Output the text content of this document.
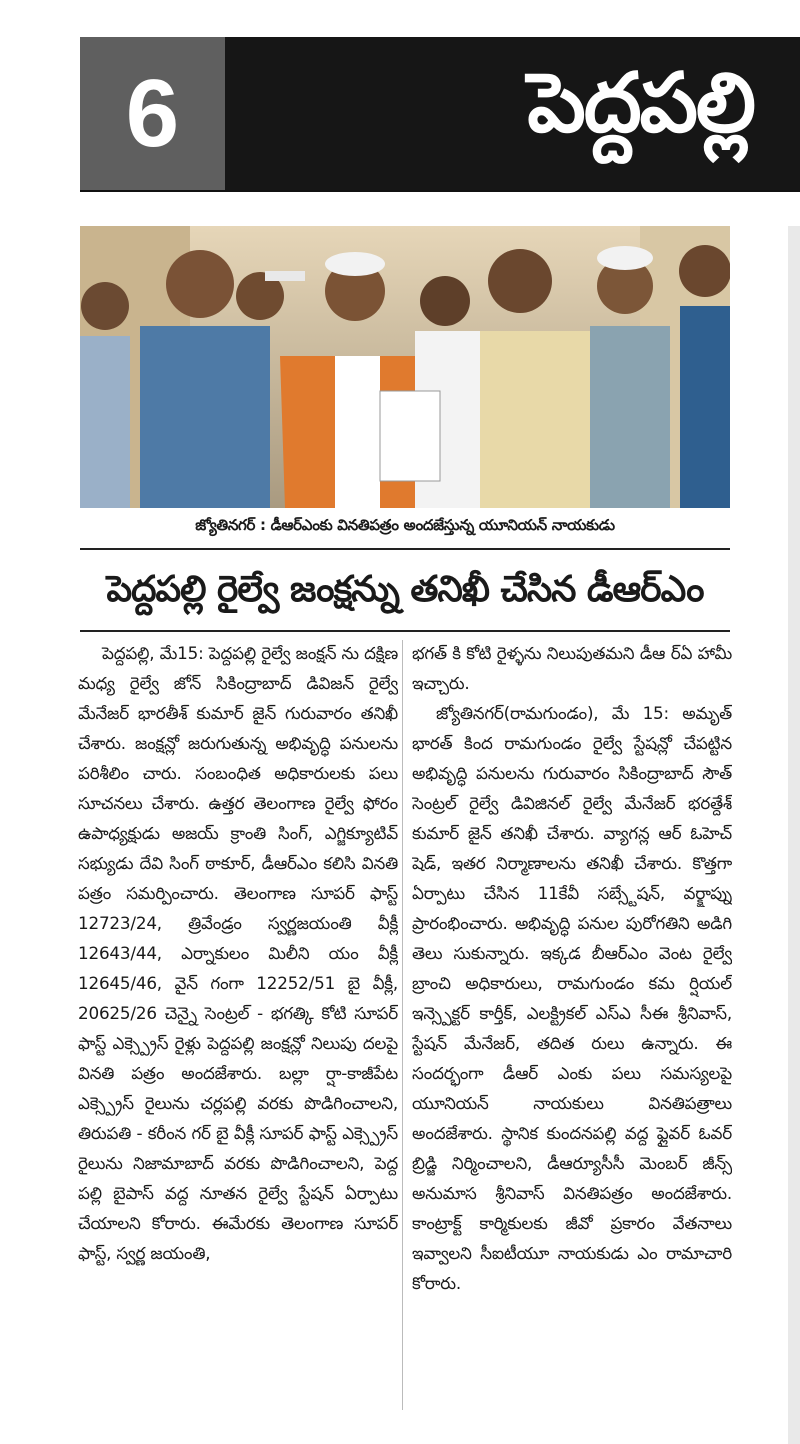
6	పెద్దపల్లి
జ్యోతినగర్ : డీఆర్ఎంకు వినతిపత్రం అందజేస్తున్న యూనియన్ నాయకుడు
పెద్దపల్లి రైల్వే జంక్షన్ను తనిఖీ చేసిన డీఆర్ఎం

పెద్దపల్లి, మే15: పెద్దపల్లి రైల్వే జంక్షన్ ను దక్షిణ మధ్య రైల్వే జోన్ సికింద్రాబాద్ డివిజన్ రైల్వే మేనేజర్ భారతీశ్ కుమార్ జైన్ గురువారం తనిఖీ చేశారు. జంక్షన్లో జరుగుతున్న అభివృద్ధి పనులను పరిశీలిం చారు. సంబంధిత అధికారులకు పలు సూచనలు చేశారు. ఉత్తర తెలంగాణ రైల్వే ఫోరం ఉపాధ్యక్షుడు అజయ్ క్రాంతి సింగ్, ఎగ్జిక్యూటివ్ సభ్యుడు దేవి సింగ్ ఠాకూర్, డీఆర్ఎం కలిసి వినతి పత్రం సమర్పించారు. తెలంగాణ సూపర్ ఫాస్ట్ 12723/24, త్రివేండ్రం స్వర్ణజయంతి వీక్లీ 12643/44, ఎర్నాకులం మిలీని యం వీక్లీ 12645/46, వైన్ గంగా 12252/51 బై వీక్లీ, 20625/26 చెన్నై సెంట్రల్ - భగత్కి కోటి సూపర్ ఫాస్ట్ ఎక్స్ప్రెస్ రైళ్లు పెద్దపల్లి జంక్షన్లో నిలుపు దలపై వినతి పత్రం అందజేశారు. బల్లా ర్షా-కాజీపేట ఎక్స్ప్రెస్ రైలును చర్లపల్లి వరకు పొడిగించాలని, తిరుపతి - కరీంన గర్ బై వీక్లీ సూపర్ ఫాస్ట్ ఎక్స్ప్రెస్ రైలును నిజామాబాద్ వరకు పొడిగించాలని, పెద్ద పల్లి బైపాస్ వద్ద నూతన రైల్వే స్టేషన్ ఏర్పాటు చేయాలని కోరారు. ఈమేరకు తెలంగాణ సూపర్ ఫాస్ట్, స్వర్ణ జయంతి,

భగత్ కి కోటి రైళ్ళను నిలుపుతమని డీఆ ర్ఏ హామీ ఇచ్చారు.

జ్యోతినగర్(రామగుండం), మే 15: అమృత్ భారత్ కింద రామగుండం రైల్వే స్టేషన్లో చేపట్టిన అభివృద్ధి పనులను గురువారం సికింద్రాబాద్ సౌత్ సెంట్రల్ రైల్వే డివిజినల్ రైల్వే మేనేజర్ భరత్దేశ్ కుమార్ జైన్ తనిఖీ చేశారు. వ్యాగన్ల ఆర్ ఓహెచ్ షెడ్, ఇతర నిర్మాణాలను తనిఖీ చేశారు. కొత్తగా ఏర్పాటు చేసిన 11కేవీ సబ్స్టేషన్, వర్క్షాప్ను ప్రారంభించారు. అభివృద్ధి పనుల పురోగతిని అడిగి తెలు సుకున్నారు. ఇక్కడ బీఆర్ఎం వెంట రైల్వే బ్రాంచి అధికారులు, రామగుండం కమ ర్షియల్ ఇన్స్పెక్టర్ కార్తీక్, ఎలక్ట్రికల్ ఎస్ఎ సీఈ శ్రీనివాస్, స్టేషన్ మేనేజర్, తదిత రులు ఉన్నారు. ఈ సందర్భంగా డీఆర్ ఎంకు పలు సమస్యలపై యూనియన్ నాయకులు వినతిపత్రాలు అందజేశారు. స్థానిక కుందనపల్లి వద్ద ఫ్లైవర్ ఓవర్ బ్రిడ్జి నిర్మించాలని, డీఆర్యూసీసీ మెంబర్ జీన్స్ అనుమాస శ్రీనివాస్ వినతిపత్రం అందజేశారు. కాంట్రాక్ట్ కార్మికులకు జీవో ప్రకారం వేతనాలు ఇవ్వాలని సీఐటీయూ నాయకుడు ఎం రామాచారి కోరారు.
